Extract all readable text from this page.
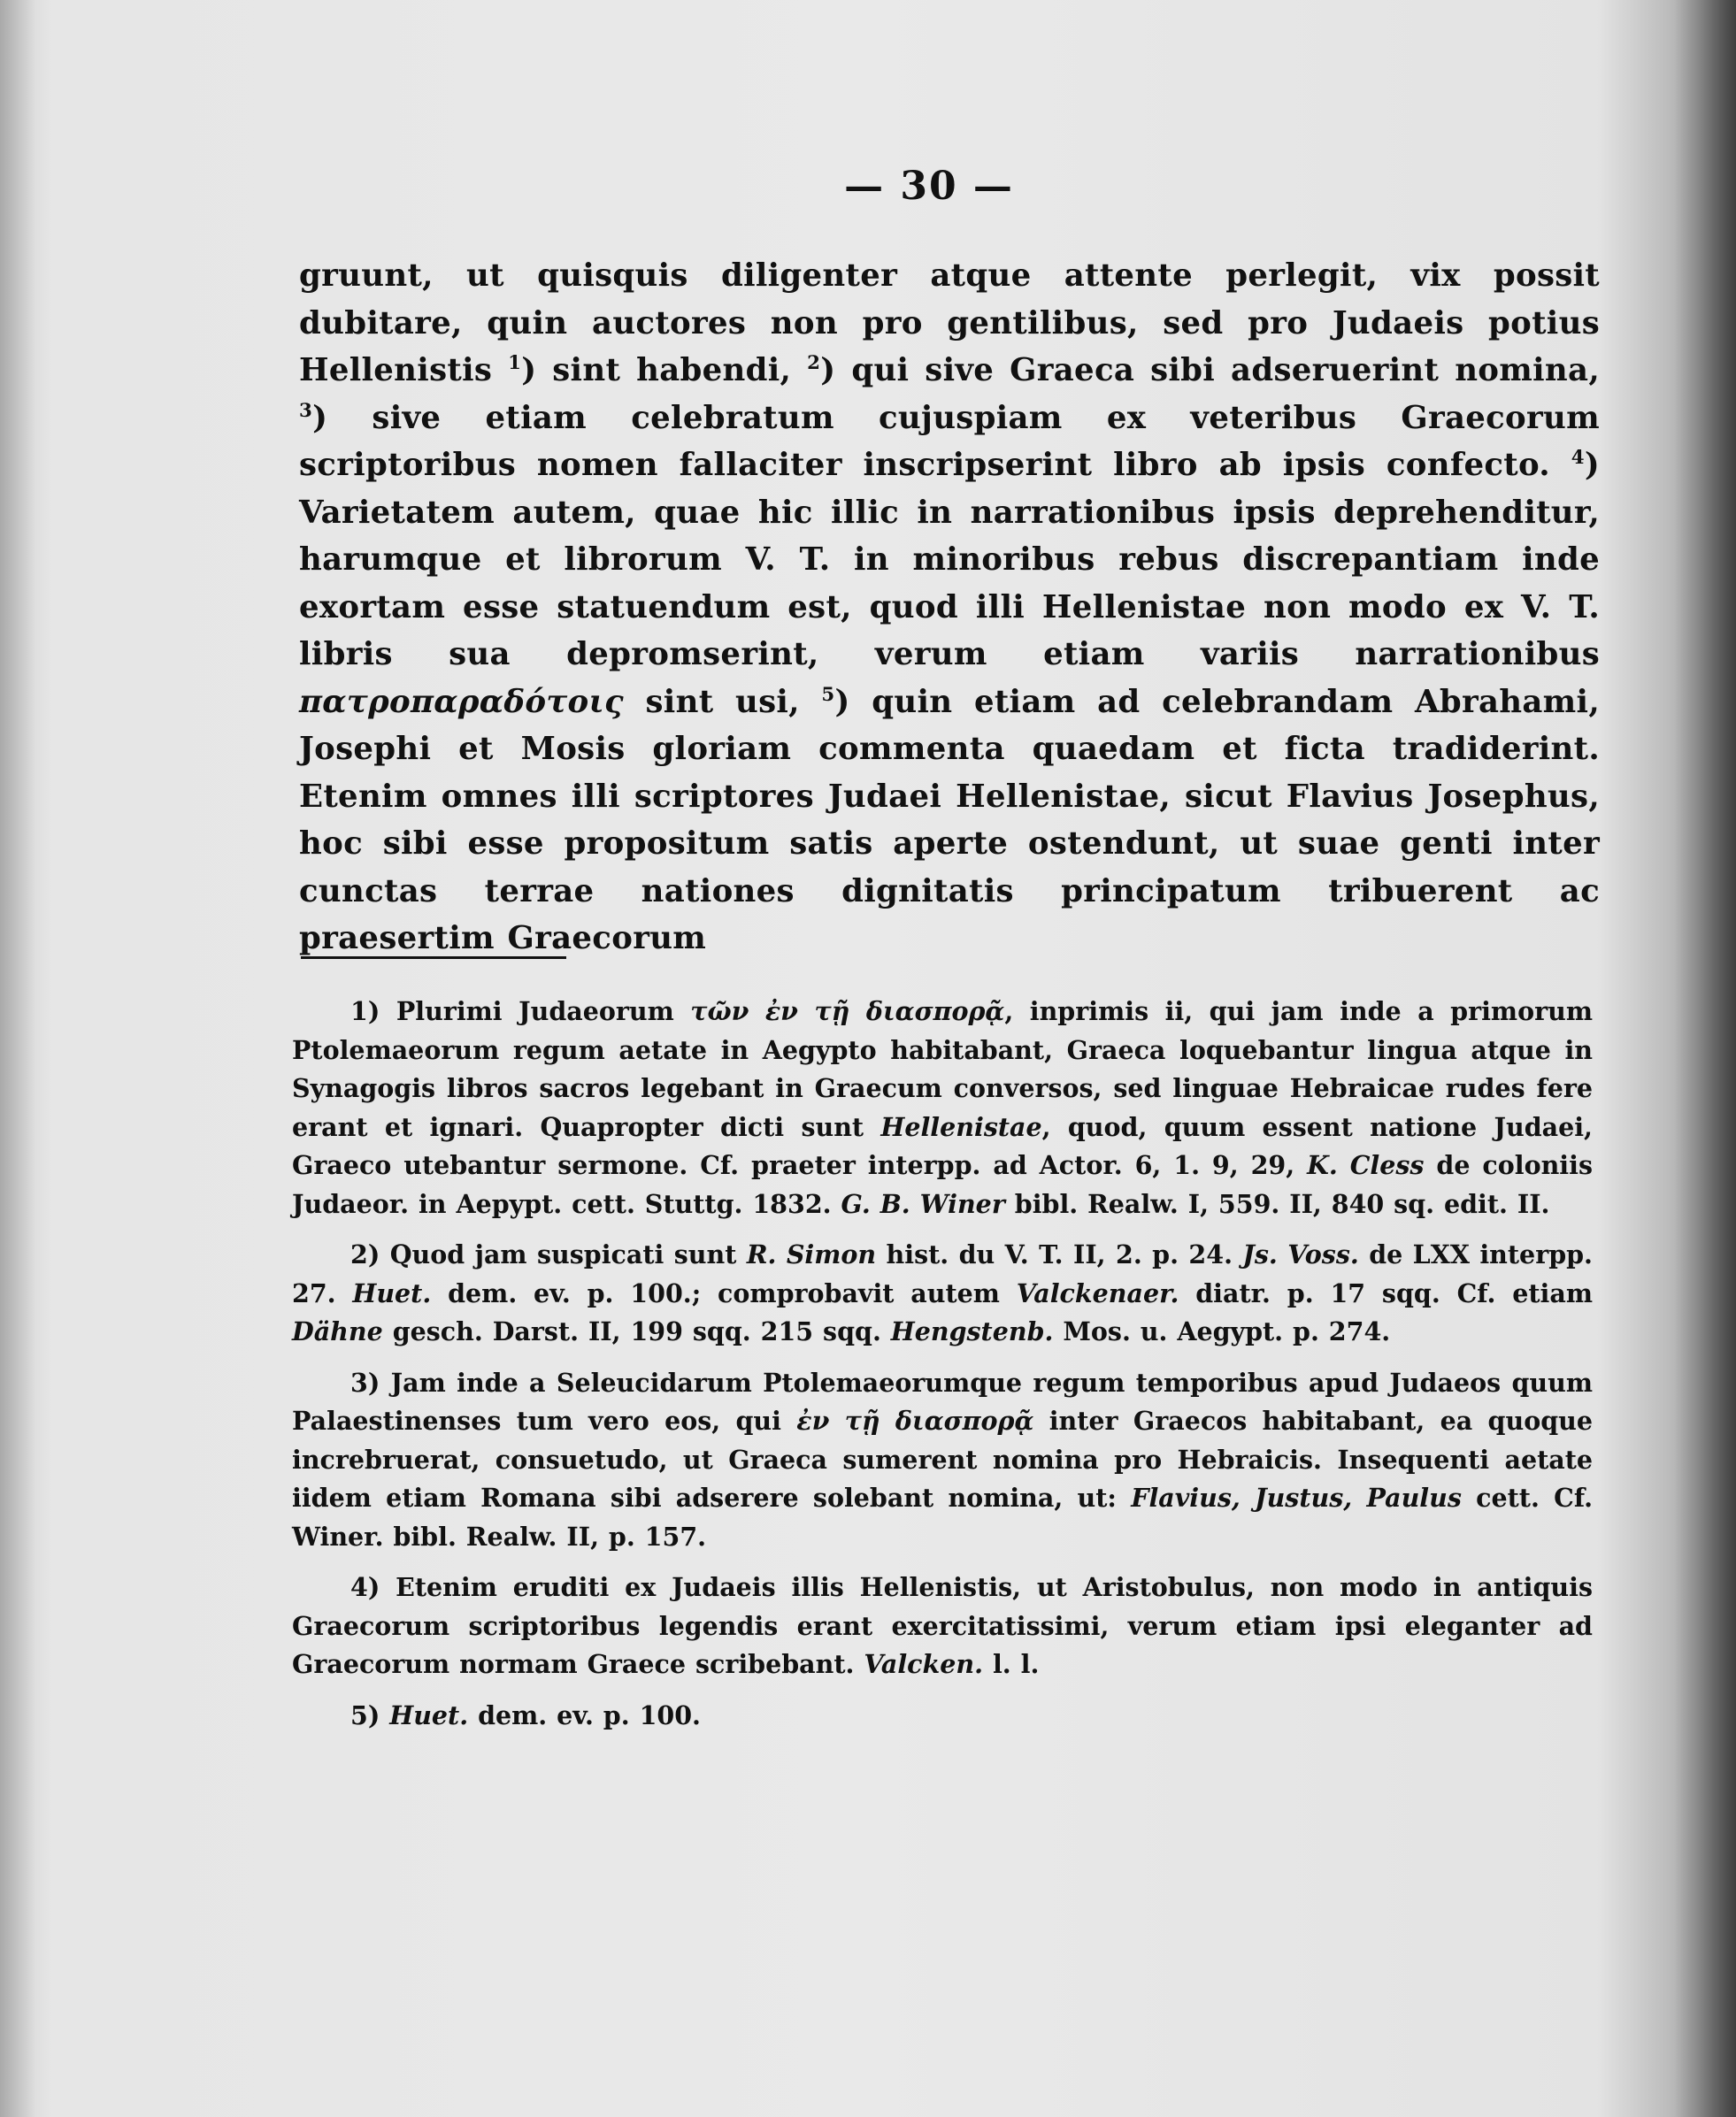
— 30 —

gruunt, ut quisquis diligenter atque attente perlegit, vix possit dubitare, quin auctores non pro gentilibus, sed pro Judaeis potius Hellenistis $^1$) sint habendi, $^2$) qui sive Graeca sibi adseruerint nomina, $^3$) sive etiam celebratum cujuspiam ex veteribus Graecorum scriptoribus nomen fallaciter inscripserint libro ab ipsis confecto. $^4$) Varietatem autem, quae hic illic in narrationibus ipsis deprehenditur, harumque et librorum V. T. in minoribus rebus discrepantiam inde exortam esse statuendum est, quod illi Hellenistae non modo ex V. T. libris sua depromserint, verum etiam variis narrationibus πατροπαραδότοις sint usi, $^5$) quin etiam ad celebrandam Abrahami, Josephi et Mosis gloriam commenta quaedam et ficta tradiderint. Etenim omnes illi scriptores Judaei Hellenistae, sicut Flavius Josephus, hoc sibi esse propositum satis aperte ostendunt, ut suae genti inter cunctas terrae nationes dignitatis principatum tribuerent ac praesertim Graecorum

1) Plurimi Judaeorum τῶν ἐν τῇ διασπορᾷ, inprimis ii, qui jam inde a primorum Ptolemaeorum regum aetate in Aegypto habitabant, Graeca loquebantur lingua atque in Synagogis libros sacros legebant in Graecum conversos, sed linguae Hebraicae rudes fere erant et ignari. Quapropter dicti sunt Hellenistae, quod, quum essent natione Judaei, Graeco utebantur sermone. Cf. praeter interpp. ad Actor. 6, 1. 9, 29, K. Cless de coloniis Judaeor. in Aepypt. cett. Stuttg. 1832. G. B. Winer bibl. Realw. I, 559. II, 840 sq. edit. II.

2) Quod jam suspicati sunt R. Simon hist. du V. T. II, 2. p. 24. Js. Voss. de LXX interpp. 27. Huet. dem. ev. p. 100.; comprobavit autem Valckenaer. diatr. p. 17 sqq. Cf. etiam Dähne gesch. Darst. II, 199 sqq. 215 sqq. Hengstenb. Mos. u. Aegypt. p. 274.

3) Jam inde a Seleucidarum Ptolemaeorumque regum temporibus apud Judaeos quum Palaestinenses tum vero eos, qui ἐν τῇ διασπορᾷ inter Graecos habitabant, ea quoque increbruerat, consuetudo, ut Graeca sumerent nomina pro Hebraicis. Insequenti aetate iidem etiam Romana sibi adserere solebant nomina, ut: Flavius, Justus, Paulus cett. Cf. Winer. bibl. Realw. II, p. 157.

4) Etenim eruditi ex Judaeis illis Hellenistis, ut Aristobulus, non modo in antiquis Graecorum scriptoribus legendis erant exercitatissimi, verum etiam ipsi eleganter ad Graecorum normam Graece scribebant. Valcken. l. l.

5) Huet. dem. ev. p. 100.
